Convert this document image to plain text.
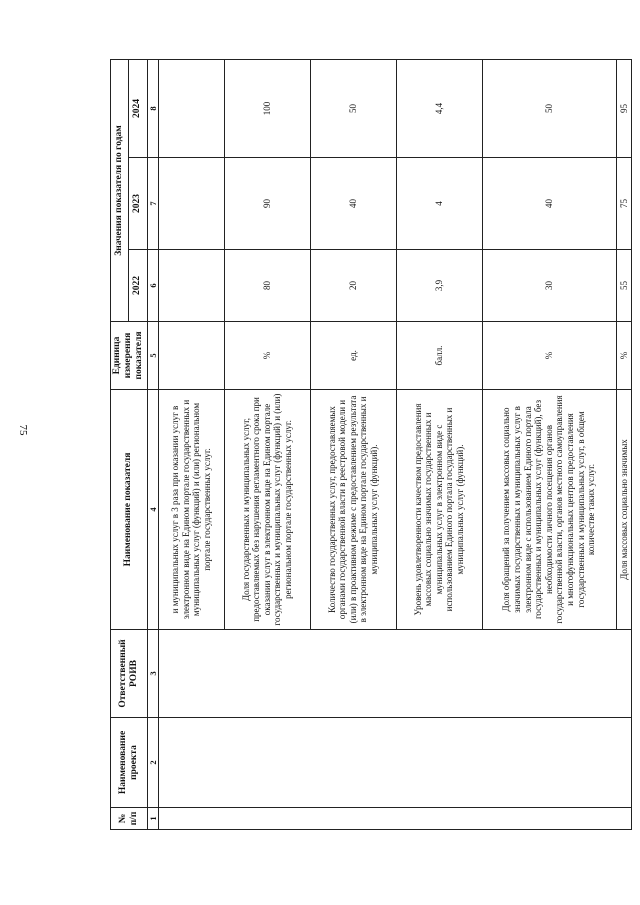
75
№ п/п	Наименование проекта	Ответственный РОИВ	Наименование показателя	Единица измерения показателя	Значения показателя по годам		
					2022	2023	2024
1	2	3	4	5	6	7	8
			и муниципальных услуг в 3 раза при оказании услуг в электронном виде на Едином портале государственных и муниципальных услуг (функций) и (или) региональном портале государственных услуг.				
			Доля государственных и муниципальных услуг, предоставляемых без нарушения регламентного срока при оказании услуг в электронном виде на Едином портале государственных и муниципальных услуг (функций) и (или) региональном портале государственных услуг.	%	80	90	100
			Количество государственных услуг, предоставляемых органами государственной власти в реестровой модели и (или) в проактивном режиме с предоставлением результата в электронном виде на Едином портале государственных и муниципальных услуг (функций).	ед.	20	40	50
			Уровень удовлетворенности качеством предоставления массовых социально значимых государственных и муниципальных услуг в электронном виде с использованием Единого портала государственных и муниципальных услуг (функций).	балл.	3,9	4	4,4
			Доля обращений за получением массовых социально значимых государственных и муниципальных услуг в электронном виде с использованием Единого портала государственных и муниципальных услуг (функций), без необходимости личного посещения органов государственной власти, органов местного самоуправления и многофункциональных центров предоставления государственных и муниципальных услуг, в общем количестве таких услуг.	%	30	40	50
			Доля массовых социально значимых	%	55	75	95
